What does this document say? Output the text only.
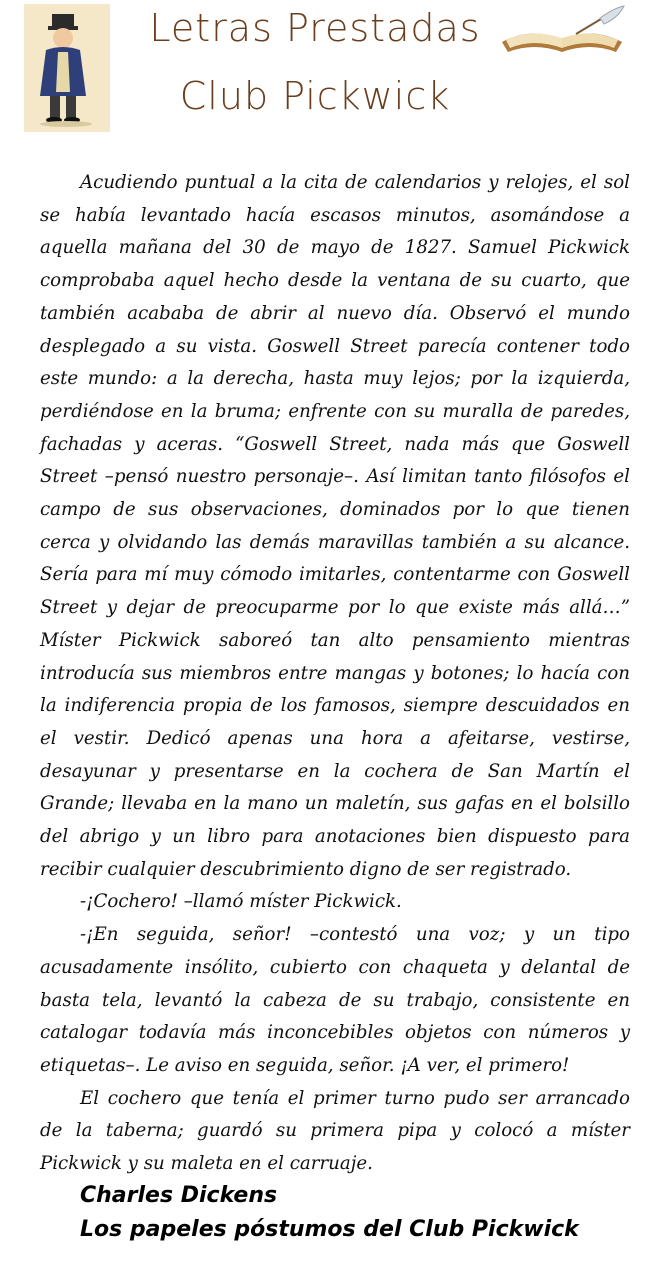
Letras Prestadas
Club Pickwick

Acudiendo puntual a la cita de calendarios y relojes, el sol se había levantado hacía escasos minutos, asomándose a aquella mañana del 30 de mayo de 1827. Samuel Pickwick comprobaba aquel hecho desde la ventana de su cuarto, que también acababa de abrir al nuevo día. Observó el mundo desplegado a su vista. Goswell Street parecía contener todo este mundo: a la derecha, hasta muy lejos; por la izquierda, perdiéndose en la bruma; enfrente con su muralla de paredes, fachadas y aceras. “Goswell Street, nada más que Goswell Street –pensó nuestro personaje–. Así limitan tanto filósofos el campo de sus observaciones, dominados por lo que tienen cerca y olvidando las demás maravillas también a su alcance. Sería para mí muy cómodo imitarles, contentarme con Goswell Street y dejar de preocuparme por lo que existe más allá…” Míster Pickwick saboreó tan alto pensamiento mientras introducía sus miembros entre mangas y botones; lo hacía con la indiferencia propia de los famosos, siempre descuidados en el vestir. Dedicó apenas una hora a afeitarse, vestirse, desayunar y presentarse en la cochera de San Martín el Grande; llevaba en la mano un maletín, sus gafas en el bolsillo del abrigo y un libro para anotaciones bien dispuesto para recibir cualquier descubrimiento digno de ser registrado.

-¡Cochero! –llamó míster Pickwick.

-¡En seguida, señor! –contestó una voz; y un tipo acusadamente insólito, cubierto con chaqueta y delantal de basta tela, levantó la cabeza de su trabajo, consistente en catalogar todavía más inconcebibles objetos con números y etiquetas–. Le aviso en seguida, señor. ¡A ver, el primero!

El cochero que tenía el primer turno pudo ser arrancado de la taberna; guardó su primera pipa y colocó a míster Pickwick y su maleta en el carruaje.

Charles Dickens
Los papeles póstumos del Club Pickwick
